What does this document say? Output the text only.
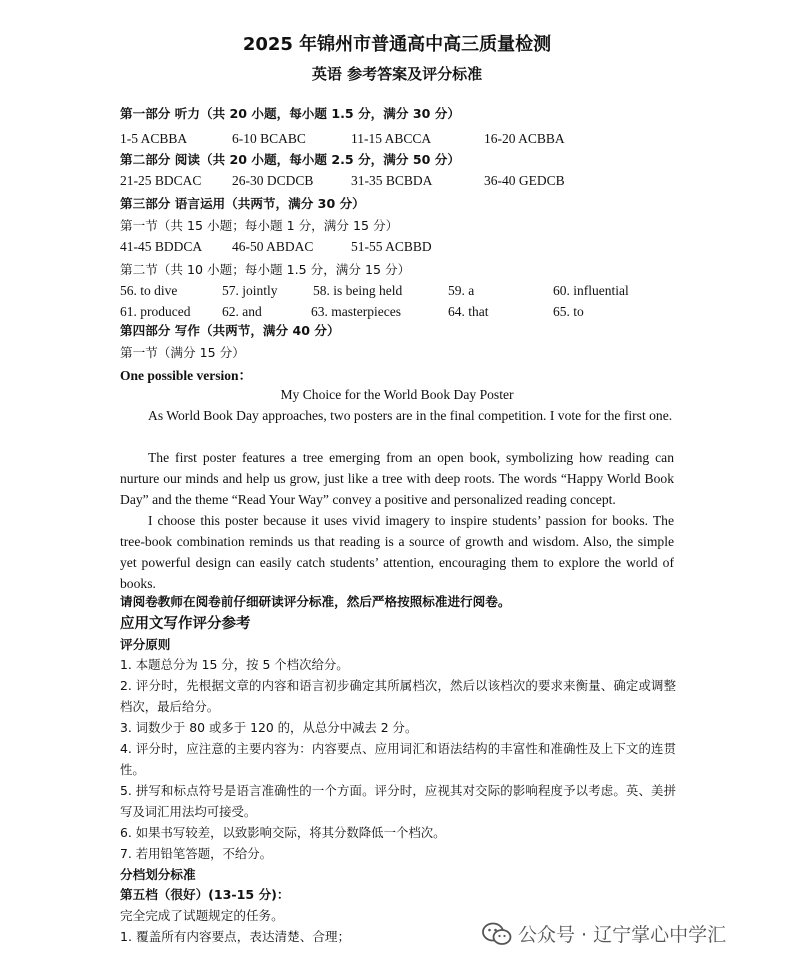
2025 年锦州市普通高中高三质量检测
英语 参考答案及评分标准
第一部分 听力（共 20 小题，每小题 1.5 分，满分 30 分）
1-5 ACBBA	6-10 BCABC	11-15 ABCCA	16-20 ACBBA
第二部分 阅读（共 20 小题，每小题 2.5 分，满分 50 分）
21-25 BDCAC 26-30 DCDCB	31-35 BCBDA	36-40 GEDCB
第三部分 语言运用（共两节，满分 30 分）
第一节（共 15 小题；每小题 1 分，满分 15 分）
41-45 BDDCA 46-50 ABDAC	51-55 ACBBD
第二节（共 10 小题；每小题 1.5 分，满分 15 分）
56. to dive	57. jointly	58. is being held	59. a	60. influential
61. produced 62. and	63. masterpieces	64. that	65. to
第四部分 写作（共两节，满分 40 分）
第一节（满分 15 分）
One possible version：
My Choice for the World Book Day Poster

As World Book Day approaches, two posters are in the final competition. I vote for the first one.

The first poster features a tree emerging from an open book, symbolizing how reading can nurture our minds and help us grow, just like a tree with deep roots. The words “Happy World Book Day” and the theme “Read Your Way” convey a positive and personalized reading concept.

I choose this poster because it uses vivid imagery to inspire students’ passion for books. The tree-book combination reminds us that reading is a source of growth and wisdom. Also, the simple yet powerful design can easily catch students’ attention, encouraging them to explore the world of books.

请阅卷教师在阅卷前仔细研读评分标准，然后严格按照标准进行阅卷。
应用文写作评分参考
评分原则

1. 本题总分为 15 分，按 5 个档次给分。

2. 评分时，先根据文章的内容和语言初步确定其所属档次，然后以该档次的要求来衡量、确定或调整档次，最后给分。

3. 词数少于 80 或多于 120 的，从总分中减去 2 分。

4. 评分时，应注意的主要内容为：内容要点、应用词汇和语法结构的丰富性和准确性及上下文的连贯性。

5. 拼写和标点符号是语言准确性的一个方面。评分时，应视其对交际的影响程度予以考虑。英、美拼写及词汇用法均可接受。

6. 如果书写较差，以致影响交际，将其分数降低一个档次。

7. 若用铅笔答题，不给分。

分档划分标准
第五档（很好）(13-15 分)：
完全完成了试题规定的任务。
1. 覆盖所有内容要点，表达清楚、合理；	公众号 · 辽宁掌心中学汇
